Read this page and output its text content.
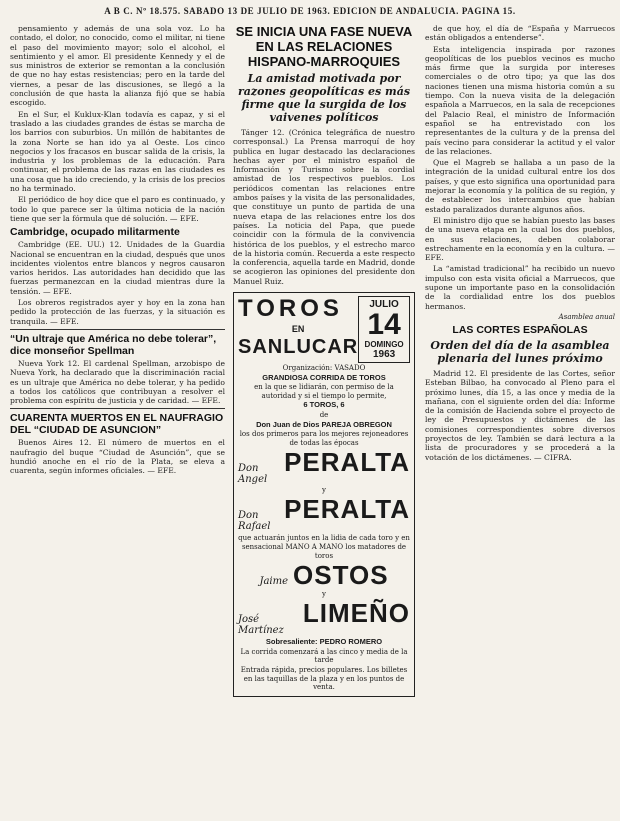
A B C. Nº 18.575. SABADO 13 DE JULIO DE 1963. EDICION DE ANDALUCIA. PAGINA 15.

pensamiento y además de una sola voz. Lo ha contado, el dolor, no conocido, como el militar, ni tiene el paso del movimiento mayor; solo el alcohol, el sentimiento y el amor. El presidente Kennedy y el de sus ministros de exterior se remontan a la conclusión de que no hay estas resistencias; pero en la tarde del viernes, a pesar de las discusiones, se llegó a la conclusión de que hasta la alianza fijó que se había escogido.

En el Sur, el Kuklux-Klan todavía es capaz, y si el traslado a las ciudades grandes de éstas se marcha de los barrios con suburbios. Un millón de habitantes de la zona Norte se han ido ya al Oeste. Los cinco negocios y los fracasos en buscar salida de la crisis, la industria y los problemas de la educación. Para continuar, el problema de las razas en las ciudades es una cosa que ha ido creciendo, y la crisis de los precios no ha terminado.

El periódico de hoy dice que el paro es continuado, y todo lo que parece ser la última noticia de la nación tiene que ser la fórmula que dé solución. — EFE.

Cambridge, ocupado militarmente

Cambridge (EE. UU.) 12. Unidades de la Guardia Nacional se encuentran en la ciudad, después que unos incidentes violentos entre blancos y negros causaron varios heridos. Las autoridades han decidido que las fuerzas permanezcan en la ciudad mientras dure la tensión. — EFE.

Los obreros registrados ayer y hoy en la zona han pedido la protección de las fuerzas, y la situación es tranquila. — EFE.

“Un ultraje que América no debe tolerar”, dice monseñor Spellman

Nueva York 12. El cardenal Spellman, arzobispo de Nueva York, ha declarado que la discriminación racial es un ultraje que América no debe tolerar, y ha pedido a todos los católicos que contribuyan a resolver el problema con espíritu de justicia y de caridad. — EFE.

CUARENTA MUERTOS EN EL NAUFRAGIO DEL “CIUDAD DE ASUNCION”

Buenos Aires 12. El número de muertos en el naufragio del buque “Ciudad de Asunción”, que se hundió anoche en el río de la Plata, se eleva a cuarenta, según informes oficiales. — EFE.

SE INICIA UNA FASE NUEVA EN LAS RELACIONES HISPANO-MARROQUIES
La amistad motivada por razones geopolíticas es más firme que la surgida de los vaivenes políticos

Tánger 12. (Crónica telegráfica de nuestro corresponsal.) La Prensa marroquí de hoy publica en lugar destacado las declaraciones hechas ayer por el ministro español de Información y Turismo sobre la cordial amistad de los respectivos pueblos. Los periódicos comentan las relaciones entre ambos países y la visita de las personalidades, que constituye un punto de partida de una nueva etapa de las relaciones entre los dos países. La noticia del Papa, que puede coincidir con la fórmula de la convivencia histórica de los pueblos, y el estrecho marco de la historia común. Recuerda a este respecto la conferencia, aquella tarde en Madrid, donde se acogieron las opiniones del presidente don Manuel Ruiz.

TOROS
EN
SANLUCAR
JULIO
14
DOMINGO
1963
Organización: VASADO
GRANDIOSA CORRIDA DE TOROS
en la que se lidiarán, con permiso de la autoridad y si el tiempo lo permite,
6 TOROS, 6
de
Don Juan de Dios PAREJA OBREGON
los dos primeros para los mejores rejoneadores de todas las épocas
Don Angel
PERALTA
y
Don Rafael
PERALTA
que actuarán juntos en la lidia de cada toro y en sensacional MANO A MANO los matadores de toros
Jaime OSTOS
y
José Martínez
LIMEÑO
Sobresaliente: PEDRO ROMERO
La corrida comenzará a las cinco y media de la tarde
Entrada rápida, precios populares. Los billetes en las taquillas de la plaza y en los puntos de venta.

de que hoy, el día de “España y Marruecos están obligados a entenderse”.

Esta inteligencia inspirada por razones geopolíticas de los pueblos vecinos es mucho más firme que la surgida por intereses comerciales o de otro tipo; ya que las dos naciones tienen una misma historia común a su tiempo. Con la nueva visita de la delegación española a Marruecos, en la sala de recepciones del Palacio Real, el ministro de Información español se ha entrevistado con los representantes de la cultura y de la prensa del país vecino para considerar la actitud y el valor de las relaciones.

Que el Magreb se hallaba a un paso de la integración de la unidad cultural entre los dos países, y que esto significa una oportunidad para mejorar la economía y la política de su región, y de establecer los intercambios que habían estado paralizados durante algunos años.

El ministro dijo que se habían puesto las bases de una nueva etapa en la cual los dos pueblos, en sus relaciones, deben colaborar estrechamente en la economía y en la cultura. — EFE.

La “amistad tradicional” ha recibido un nuevo impulso con esta visita oficial a Marruecos, que supone un importante paso en la consolidación de la cordialidad entre los dos pueblos hermanos.

Asamblea anual
LAS CORTES ESPAÑOLAS
Orden del día de la asamblea plenaria del lunes próximo

Madrid 12. El presidente de las Cortes, señor Esteban Bilbao, ha convocado al Pleno para el próximo lunes, día 15, a las once y media de la mañana, con el siguiente orden del día: Informe de la comisión de Hacienda sobre el proyecto de ley de Presupuestos y dictámenes de las comisiones correspondientes sobre diversos proyectos de ley. También se dará lectura a la lista de procuradores y se procederá a la votación de los dictámenes. — CIFRA.
